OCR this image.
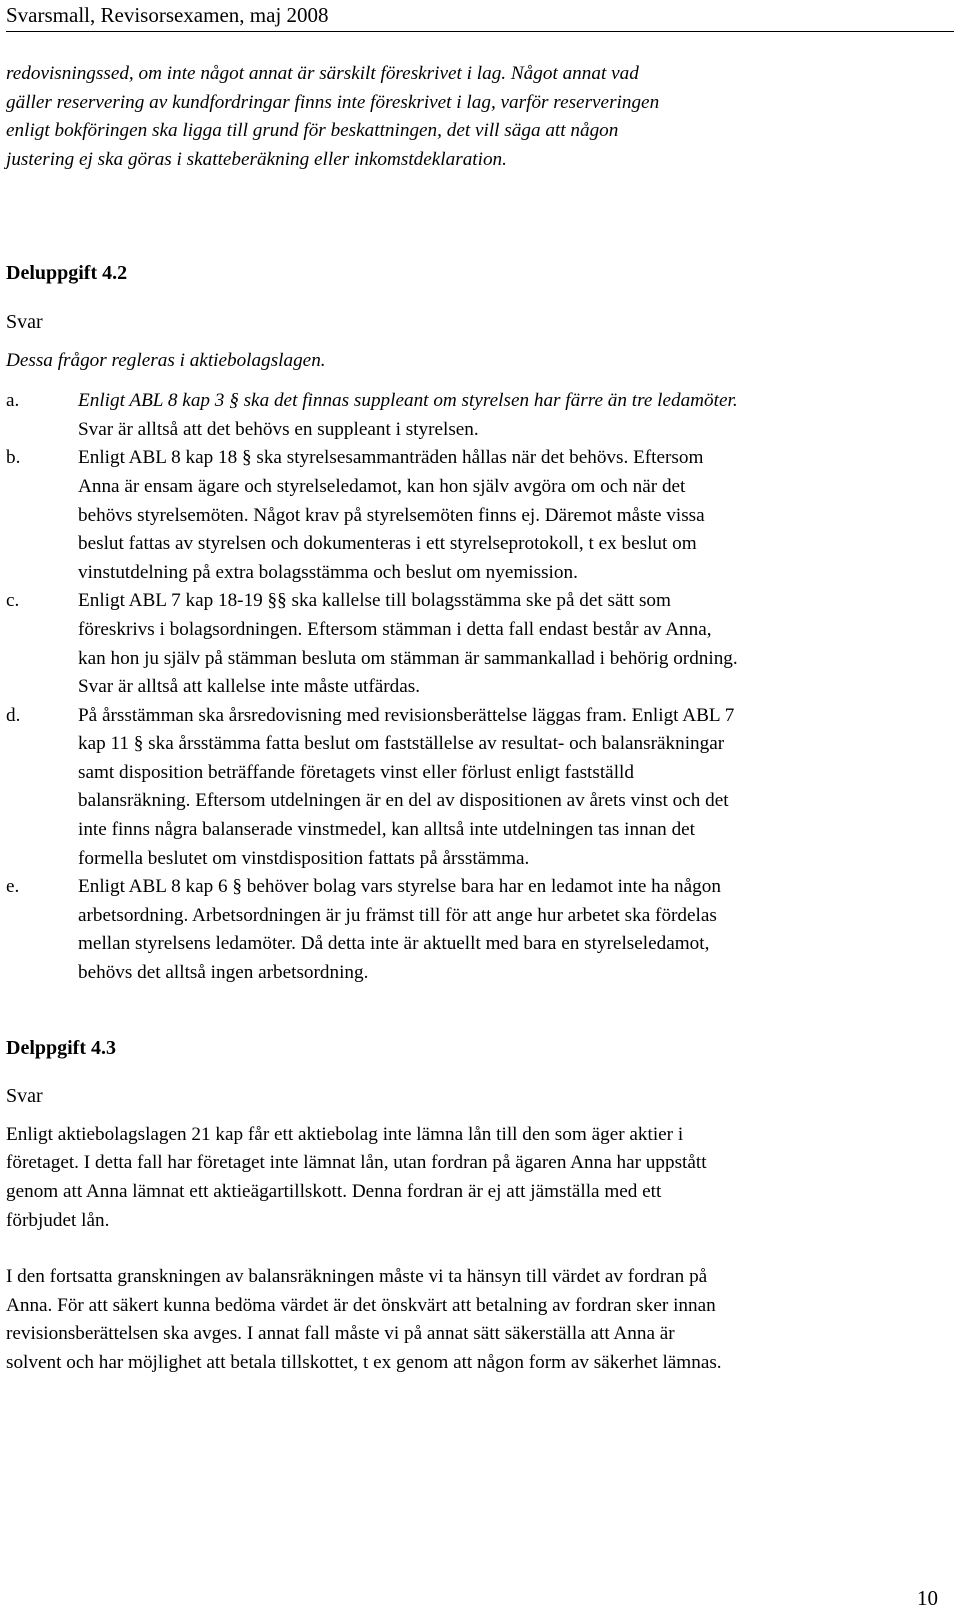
Svarsmall, Revisorsexamen, maj 2008
redovisningssed, om inte något annat är särskilt föreskrivet i lag. Något annat vad
gäller reservering av kundfordringar finns inte föreskrivet i lag, varför reserveringen
enligt bokföringen ska ligga till grund för beskattningen, det vill säga att någon
justering ej ska göras i skatteberäkning eller inkomstdeklaration.
Deluppgift 4.2
Svar
Dessa frågor regleras i aktiebolagslagen.
a.	Enligt ABL 8 kap 3 § ska det finnas suppleant om styrelsen har färre än tre ledamöter.
Svar är alltså att det behövs en suppleant i styrelsen.
b.	Enligt ABL 8 kap 18 § ska styrelsesammanträden hållas när det behövs. Eftersom
Anna är ensam ägare och styrelseledamot, kan hon själv avgöra om och när det
behövs styrelsemöten. Något krav på styrelsemöten finns ej. Däremot måste vissa
beslut fattas av styrelsen och dokumenteras i ett styrelseprotokoll, t ex beslut om
vinstutdelning på extra bolagsstämma och beslut om nyemission.
c.	Enligt ABL 7 kap 18-19 §§ ska kallelse till bolagsstämma ske på det sätt som
föreskrivs i bolagsordningen. Eftersom stämman i detta fall endast består av Anna,
kan hon ju själv på stämman besluta om stämman är sammankallad i behörig ordning.
Svar är alltså att kallelse inte måste utfärdas.
d.	På årsstämman ska årsredovisning med revisionsberättelse läggas fram. Enligt ABL 7
kap 11 § ska årsstämma fatta beslut om fastställelse av resultat- och balansräkningar
samt disposition beträffande företagets vinst eller förlust enligt fastställd
balansräkning. Eftersom utdelningen är en del av dispositionen av årets vinst och det
inte finns några balanserade vinstmedel, kan alltså inte utdelningen tas innan det
formella beslutet om vinstdisposition fattats på årsstämma.
e.	Enligt ABL 8 kap 6 § behöver bolag vars styrelse bara har en ledamot inte ha någon
arbetsordning. Arbetsordningen är ju främst till för att ange hur arbetet ska fördelas
mellan styrelsens ledamöter. Då detta inte är aktuellt med bara en styrelseledamot,
behövs det alltså ingen arbetsordning.
Delppgift 4.3
Svar
Enligt aktiebolagslagen 21 kap får ett aktiebolag inte lämna lån till den som äger aktier i
företaget. I detta fall har företaget inte lämnat lån, utan fordran på ägaren Anna har uppstått
genom att Anna lämnat ett aktieägartillskott. Denna fordran är ej att jämställa med ett
förbjudet lån.
I den fortsatta granskningen av balansräkningen måste vi ta hänsyn till värdet av fordran på
Anna. För att säkert kunna bedöma värdet är det önskvärt att betalning av fordran sker innan
revisionsberättelsen ska avges. I annat fall måste vi på annat sätt säkerställa att Anna är
solvent och har möjlighet att betala tillskottet, t ex genom att någon form av säkerhet lämnas.
10
